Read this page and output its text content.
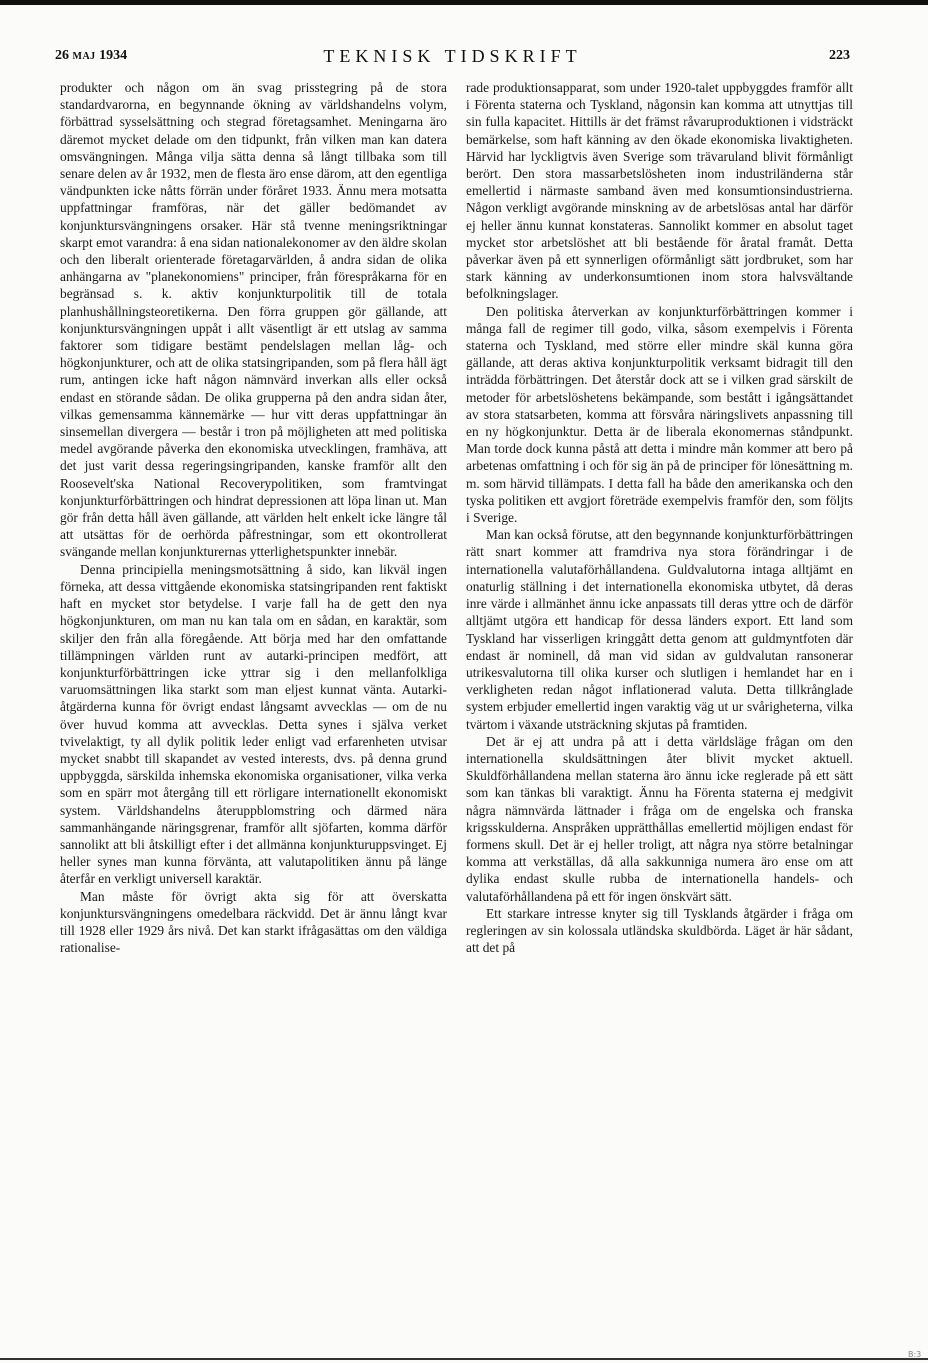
26 MAJ 1934	TEKNISK TIDSKRIFT	223

produkter och någon om än svag prisstegring på de stora standardvarorna, en begynnande ökning av världshandelns volym, förbättrad sysselsättning och stegrad företagsamhet. Meningarna äro däremot mycket delade om den tidpunkt, från vilken man kan datera omsvängningen. Många vilja sätta denna så långt tillbaka som till senare delen av år 1932, men de flesta äro ense därom, att den egentliga vändpunkten icke nåtts förrän under föråret 1933. Ännu mera motsatta uppfattningar framföras, när det gäller bedömandet av konjunktursvängningens orsaker. Här stå tvenne meningsriktningar skarpt emot varandra: å ena sidan nationalekonomer av den äldre skolan och den liberalt orienterade företagarvärlden, å andra sidan de olika anhängarna av "planekonomiens" principer, från förespråkarna för en begränsad s. k. aktiv konjunkturpolitik till de totala planhushållningsteoretikerna. Den förra gruppen gör gällande, att konjunktursvängningen uppåt i allt väsentligt är ett utslag av samma faktorer som tidigare bestämt pendelslagen mellan låg- och högkonjunkturer, och att de olika statsingripanden, som på flera håll ägt rum, antingen icke haft någon nämnvärd inverkan alls eller också endast en störande sådan. De olika grupperna på den andra sidan åter, vilkas gemensamma kännemärke — hur vitt deras uppfattningar än sinsemellan divergera — består i tron på möjligheten att med politiska medel avgörande påverka den ekonomiska utvecklingen, framhäva, att det just varit dessa regeringsingripanden, kanske framför allt den Roosevelt'ska National Recoverypolitiken, som framtvingat konjunkturförbättringen och hindrat depressionen att löpa linan ut. Man gör från detta håll även gällande, att världen helt enkelt icke längre tål att utsättas för de oerhörda påfrestningar, som ett okontrollerat svängande mellan konjunkturernas ytterlighetspunkter innebär.

Denna principiella meningsmotsättning å sido, kan likväl ingen förneka, att dessa vittgående ekonomiska statsingripanden rent faktiskt haft en mycket stor betydelse. I varje fall ha de gett den nya högkonjunkturen, om man nu kan tala om en sådan, en karaktär, som skiljer den från alla föregående. Att börja med har den omfattande tillämpningen världen runt av autarki-principen medfört, att konjunkturförbättringen icke yttrar sig i den mellanfolkliga varuomsättningen lika starkt som man eljest kunnat vänta. Autarki-åtgärderna kunna för övrigt endast långsamt avvecklas — om de nu över huvud komma att avvecklas. Detta synes i själva verket tvivelaktigt, ty all dylik politik leder enligt vad erfarenheten utvisar mycket snabbt till skapandet av vested interests, dvs. på denna grund uppbyggda, särskilda inhemska ekonomiska organisationer, vilka verka som en spärr mot återgång till ett rörligare internationellt ekonomiskt system. Världshandelns återuppblomstring och därmed nära sammanhängande näringsgrenar, framför allt sjöfarten, komma därför sannolikt att bli åtskilligt efter i det allmänna konjunkturuppsvinget. Ej heller synes man kunna förvänta, att valutapolitiken ännu på länge återfår en verkligt universell karaktär.

Man måste för övrigt akta sig för att överskatta konjunktursvängningens omedelbara räckvidd. Det är ännu långt kvar till 1928 eller 1929 års nivå. Det kan starkt ifrågasättas om den väldiga rationalise-

rade produktionsapparat, som under 1920-talet uppbyggdes framför allt i Förenta staterna och Tyskland, någonsin kan komma att utnyttjas till sin fulla kapacitet. Hittills är det främst råvaruproduktionen i vidsträckt bemärkelse, som haft känning av den ökade ekonomiska livaktigheten. Härvid har lyckligtvis även Sverige som trävaruland blivit förmånligt berört. Den stora massarbetslösheten inom industriländerna står emellertid i närmaste samband även med konsumtionsindustrierna. Någon verkligt avgörande minskning av de arbetslösas antal har därför ej heller ännu kunnat konstateras. Sannolikt kommer en absolut taget mycket stor arbetslöshet att bli bestående för åratal framåt. Detta påverkar även på ett synnerligen oförmånligt sätt jordbruket, som har stark känning av underkonsumtionen inom stora halvsvältande befolkningslager.

Den politiska återverkan av konjunkturförbättringen kommer i många fall de regimer till godo, vilka, såsom exempelvis i Förenta staterna och Tyskland, med större eller mindre skäl kunna göra gällande, att deras aktiva konjunkturpolitik verksamt bidragit till den inträdda förbättringen. Det återstår dock att se i vilken grad särskilt de metoder för arbetslöshetens bekämpande, som bestått i igångsättandet av stora statsarbeten, komma att försvåra näringslivets anpassning till en ny högkonjunktur. Detta är de liberala ekonomernas ståndpunkt. Man torde dock kunna påstå att detta i mindre mån kommer att bero på arbetenas omfattning i och för sig än på de principer för lönesättning m. m. som härvid tillämpats. I detta fall ha både den amerikanska och den tyska politiken ett avgjort företräde exempelvis framför den, som följts i Sverige.

Man kan också förutse, att den begynnande konjunkturförbättringen rätt snart kommer att framdriva nya stora förändringar i de internationella valutaförhållandena. Guldvalutorna intaga alltjämt en onaturlig ställning i det internationella ekonomiska utbytet, då deras inre värde i allmänhet ännu icke anpassats till deras yttre och de därför alltjämt utgöra ett handicap för dessa länders export. Ett land som Tyskland har visserligen kringgått detta genom att guldmyntfoten där endast är nominell, då man vid sidan av guldvalutan ransonerar utrikesvalutorna till olika kurser och slutligen i hemlandet har en i verkligheten redan något inflationerad valuta. Detta tillkrånglade system erbjuder emellertid ingen varaktig väg ut ur svårigheterna, vilka tvärtom i växande utsträckning skjutas på framtiden.

Det är ej att undra på att i detta världsläge frågan om den internationella skuldsättningen åter blivit mycket aktuell. Skuldförhållandena mellan staterna äro ännu icke reglerade på ett sätt som kan tänkas bli varaktigt. Ännu ha Förenta staterna ej medgivit några nämnvärda lättnader i fråga om de engelska och franska krigsskulderna. Anspråken upprätthållas emellertid möjligen endast för formens skull. Det är ej heller troligt, att några nya större betalningar komma att verkställas, då alla sakkunniga numera äro ense om att dylika endast skulle rubba de internationella handels- och valutaförhållandena på ett för ingen önskvärt sätt.

Ett starkare intresse knyter sig till Tysklands åtgärder i fråga om regleringen av sin kolossala utländska skuldbörda. Läget är här sådant, att det på

B:3
